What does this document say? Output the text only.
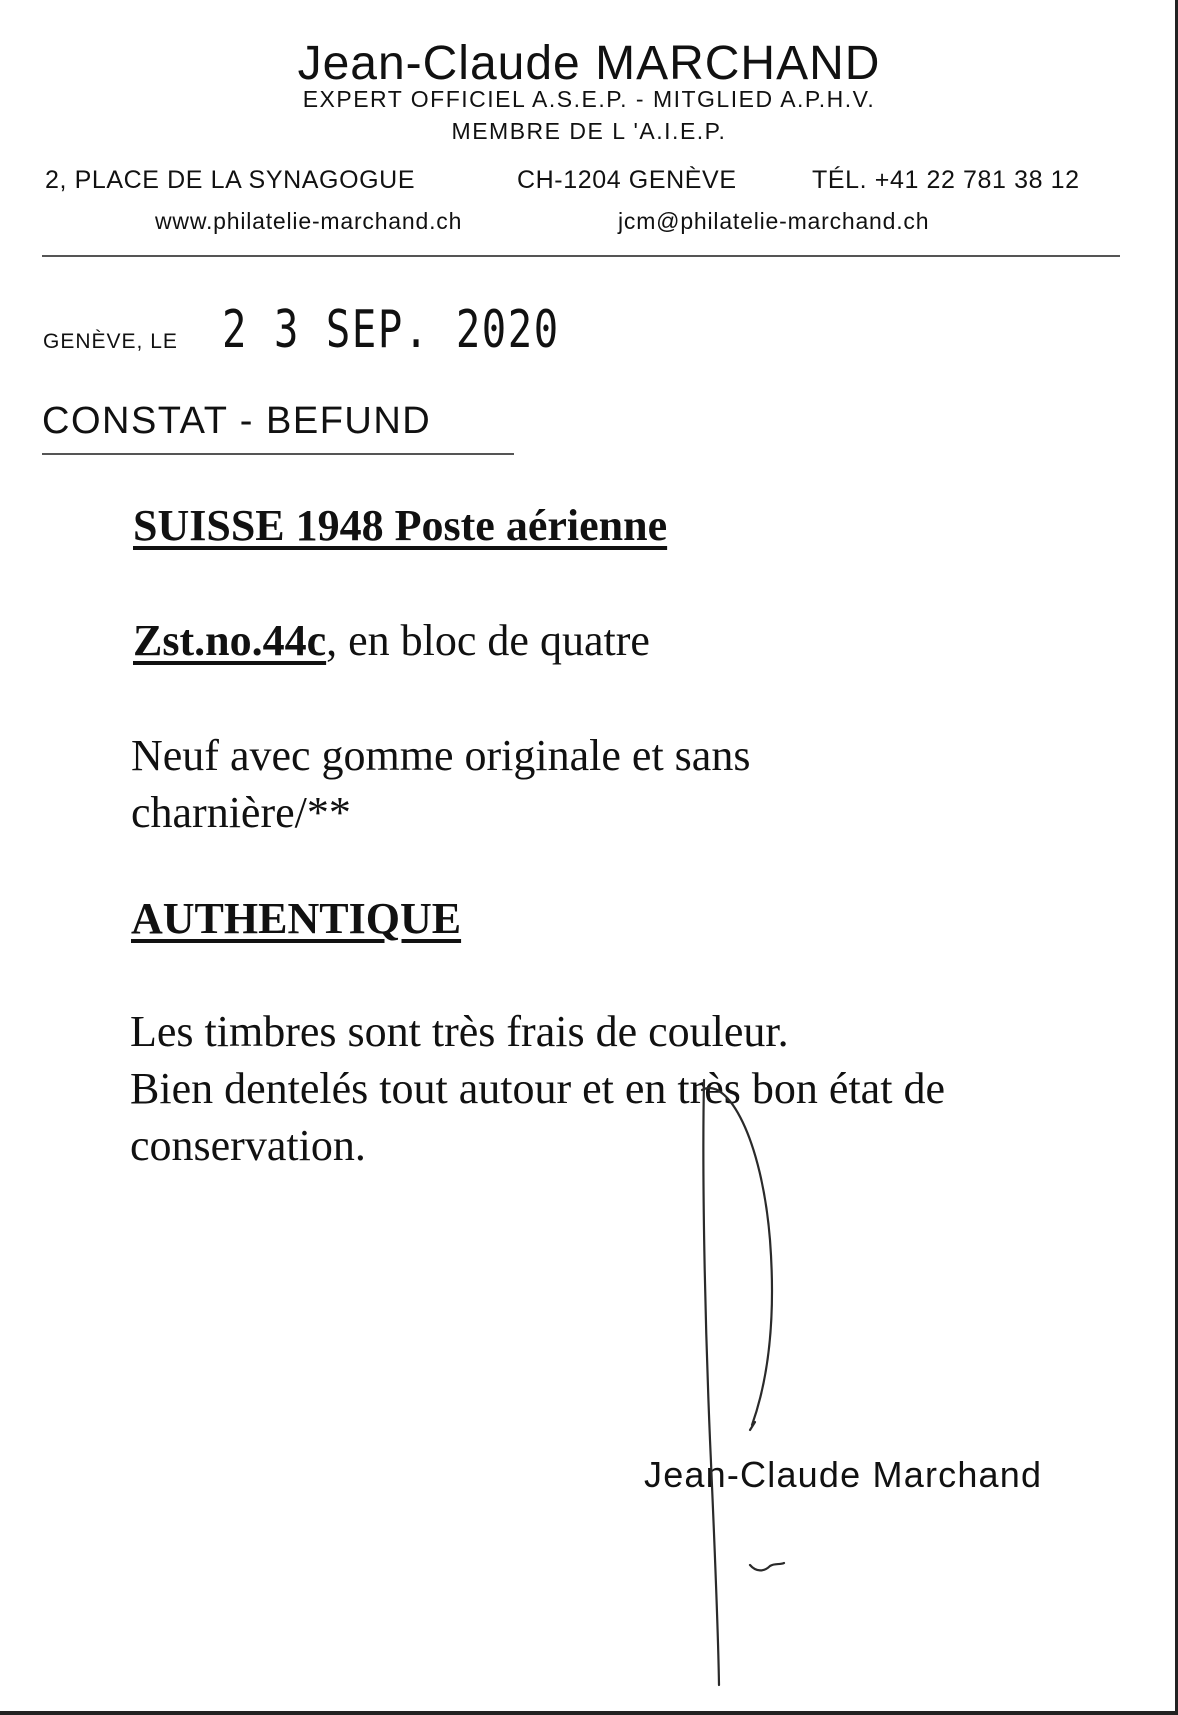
Jean-Claude MARCHAND
EXPERT OFFICIEL A.S.E.P. - MITGLIED A.P.H.V.
MEMBRE DE L 'A.I.E.P.
2, PLACE DE LA SYNAGOGUE	CH-1204 GENÈVE	TÉL. +41 22 781 38 12
www.philatelie-marchand.ch	jcm@philatelie-marchand.ch
GENÈVE, LE 2 3 SEP. 2020
CONSTAT - BEFUND
SUISSE 1948 Poste aérienne
Zst.no.44c, en bloc de quatre
Neuf avec gomme originale et sans
charnière/**
AUTHENTIQUE
Les timbres sont très frais de couleur.
Bien dentelés tout autour et en très bon état de
conservation.
Jean-Claude Marchand
